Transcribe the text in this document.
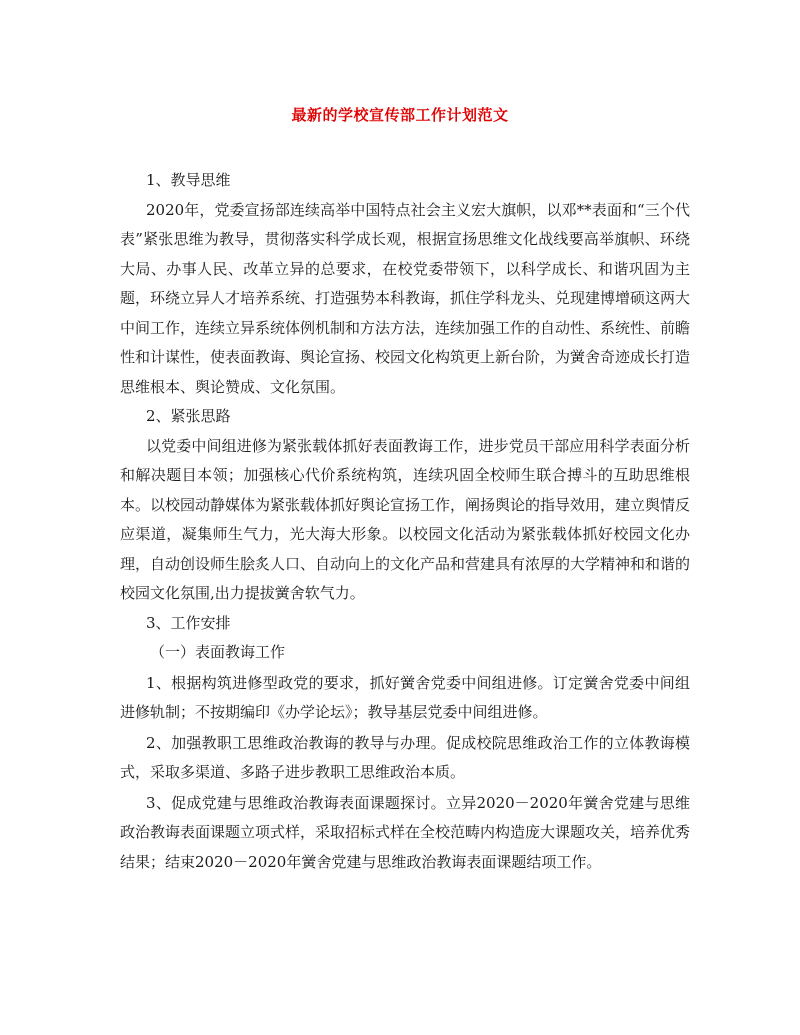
最新的学校宣传部工作计划范文

1、教导思维

2020年，党委宣扬部连续高举中国特点社会主义宏大旗帜，以邓**表面和“三个代表”紧张思维为教导，贯彻落实科学成长观，根据宣扬思维文化战线要高举旗帜、环绕大局、办事人民、改革立异的总要求，在校党委带领下，以科学成长、和谐巩固为主题，环绕立异人才培养系统、打造强势本科教诲，抓住学科龙头、兑现建博增硕这两大中间工作，连续立异系统体例机制和方法方法，连续加强工作的自动性、系统性、前瞻性和计谋性，使表面教诲、舆论宣扬、校园文化构筑更上新台阶，为黉舍奇迹成长打造思维根本、舆论赞成、文化氛围。

2、紧张思路

以党委中间组进修为紧张载体抓好表面教诲工作，进步党员干部应用科学表面分析和解决题目本领；加强核心代价系统构筑，连续巩固全校师生联合搏斗的互助思维根本。以校园动静媒体为紧张载体抓好舆论宣扬工作，阐扬舆论的指导效用，建立舆情反应渠道，凝集师生气力，光大海大形象。以校园文化活动为紧张载体抓好校园文化办理，自动创设师生脍炙人口、自动向上的文化产品和营建具有浓厚的大学精神和和谐的校园文化氛围,出力提拔黉舍软气力。

3、工作安排

（一）表面教诲工作

1、根据构筑进修型政党的要求，抓好黉舍党委中间组进修。订定黉舍党委中间组进修轨制；不按期编印《办学论坛》；教导基层党委中间组进修。

2、加强教职工思维政治教诲的教导与办理。促成校院思维政治工作的立体教诲模式，采取多渠道、多路子进步教职工思维政治本质。

3、促成党建与思维政治教诲表面课题探讨。立异2020－2020年黉舍党建与思维政治教诲表面课题立项式样，采取招标式样在全校范畴内构造庞大课题攻关，培养优秀结果；结束2020－2020年黉舍党建与思维政治教诲表面课题结项工作。
